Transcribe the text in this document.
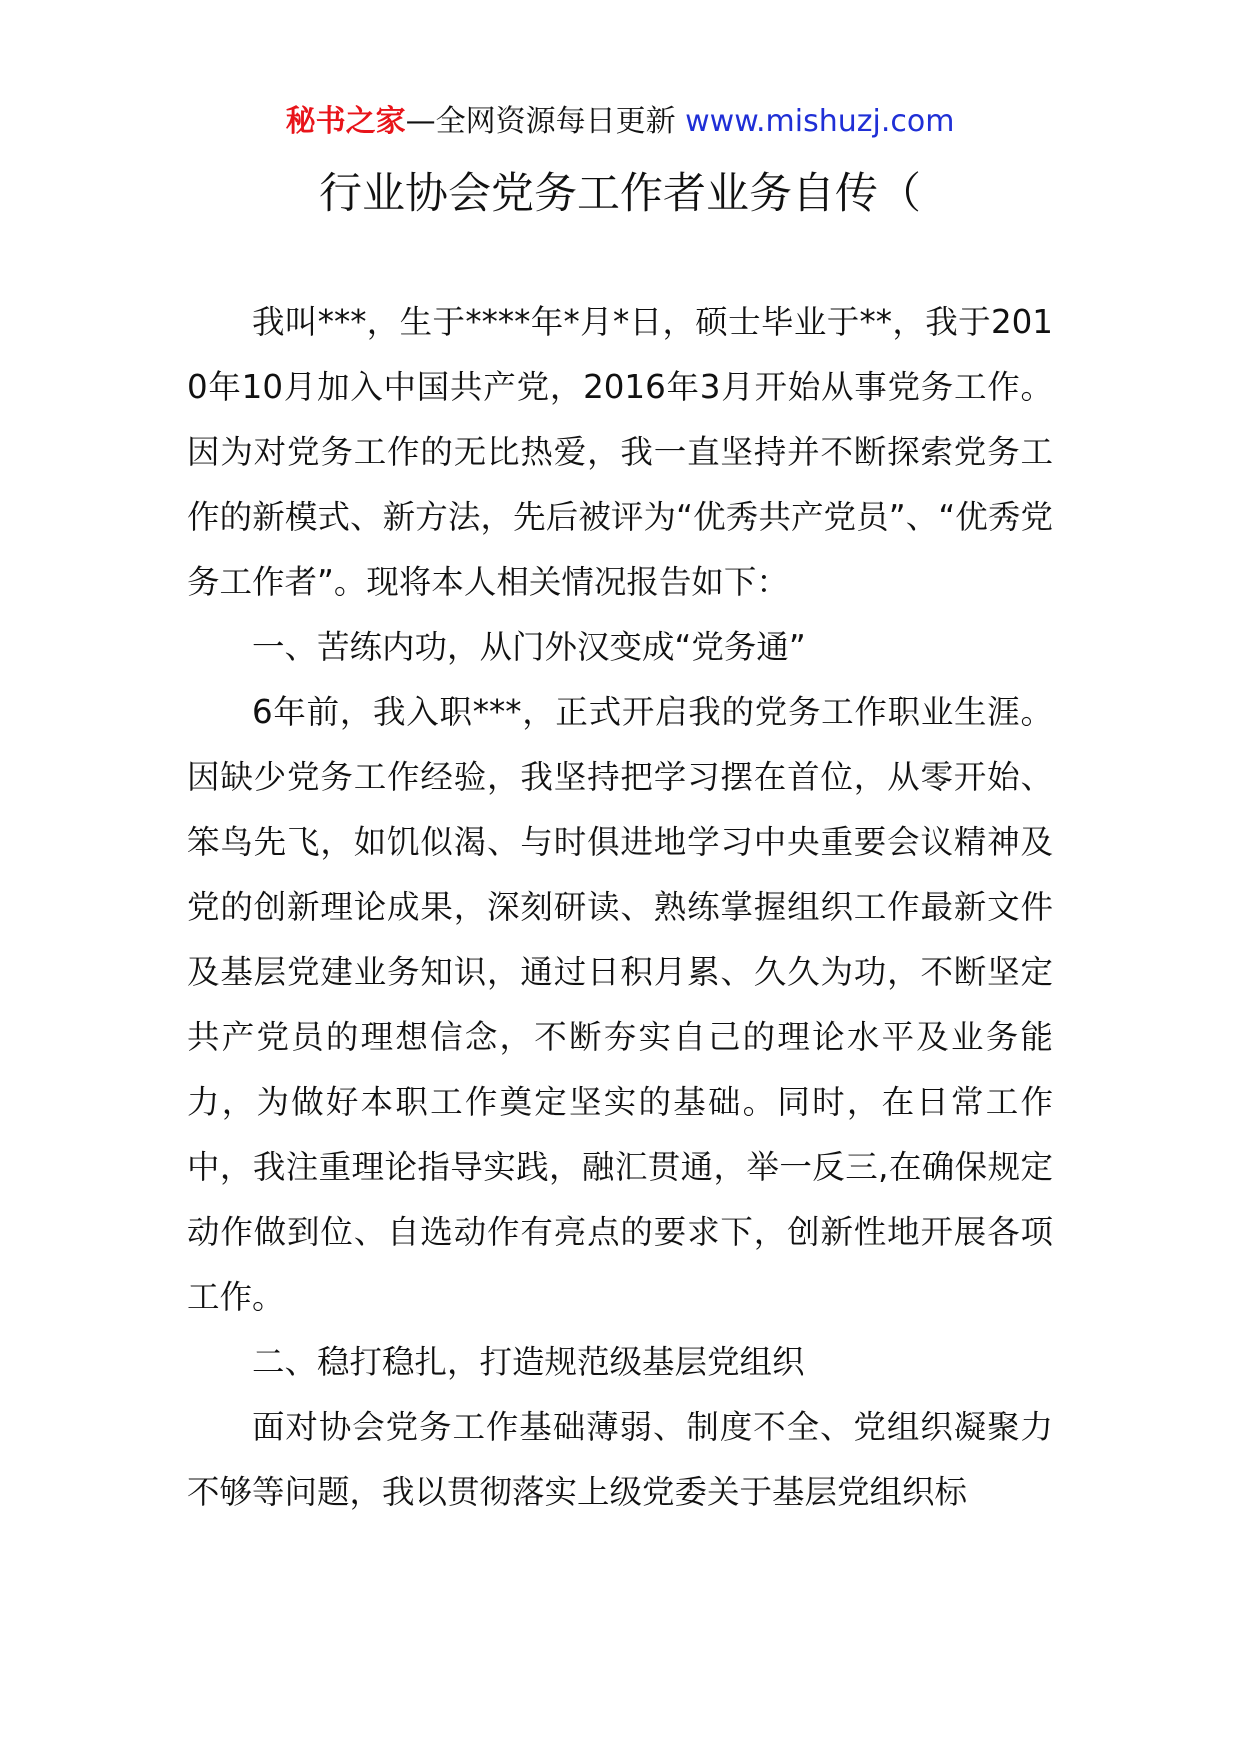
秘书之家—全网资源每日更新 www.mishuzj.com
行业协会党务工作者业务自传（

我叫***，生于****年*月*日，硕士毕业于**，我于2010年10月加入中国共产党，2016年3月开始从事党务工作。因为对党务工作的无比热爱，我一直坚持并不断探索党务工作的新模式、新方法，先后被评为“优秀共产党员”、“优秀党务工作者”。现将本人相关情况报告如下：

一、苦练内功，从门外汉变成“党务通”

6年前，我入职***，正式开启我的党务工作职业生涯。因缺少党务工作经验，我坚持把学习摆在首位，从零开始、笨鸟先飞，如饥似渴、与时俱进地学习中央重要会议精神及党的创新理论成果，深刻研读、熟练掌握组织工作最新文件及基层党建业务知识，通过日积月累、久久为功，不断坚定共产党员的理想信念，不断夯实自己的理论水平及业务能力，为做好本职工作奠定坚实的基础。同时，在日常工作中，我注重理论指导实践，融汇贯通，举一反三,在确保规定动作做到位、自选动作有亮点的要求下，创新性地开展各项工作。

二、稳打稳扎，打造规范级基层党组织

面对协会党务工作基础薄弱、制度不全、党组织凝聚力不够等问题，我以贯彻落实上级党委关于基层党组织标
